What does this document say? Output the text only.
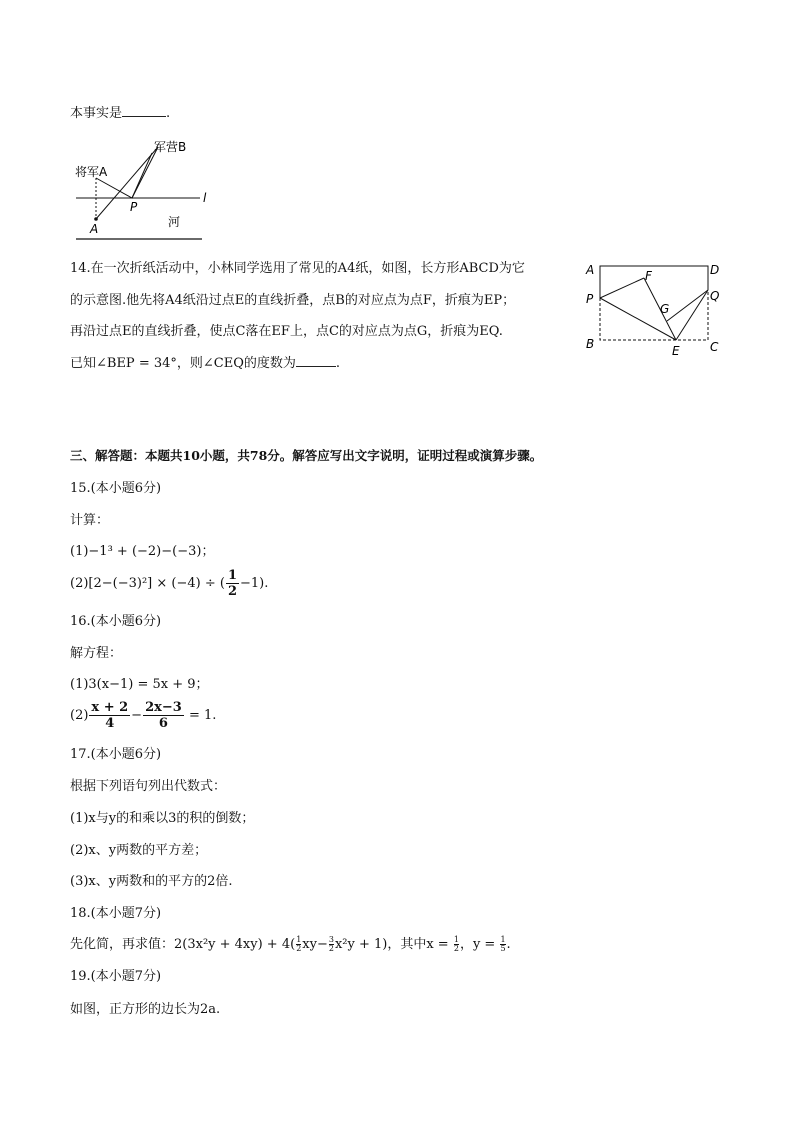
本事实是	.
军营B
将军A
l
P
A	河
14.在一次折纸活动中，小林同学选用了常见的A4纸，如图，长方形ABCD为它
的示意图.他先将A4纸沿过点E的直线折叠，点B的对应点为点F，折痕为EP；
再沿过点E的直线折叠，使点C落在EF上，点C的对应点为点G，折痕为EQ.
已知∠BEP = 34°，则∠CEQ的度数为	.
A	D
F
P	Q
G
B	E	C
三、解答题：本题共10小题，共78分。解答应写出文字说明，证明过程或演算步骤。
15.(本小题6分)
计算：
(1)−1³ + (−2)−(−3)；
(2)[2−(−3)²] × (−4) ÷ ( $\frac{1}{2} -1$).
16.(本小题6分)
解方程：
(1)3(x−1) = 5x + 9；
$(2) \frac{x + 2}{4} - \frac{2x-3}{6} = 1$.
17.(本小题6分)
根据下列语句列出代数式：
(1)x与y的和乘以3的积的倒数；
(2)x、y两数的平方差；
(3)x、y两数和的平方的2倍.
18.(本小题7分)
先化简，再求值：$2(3x^2y + 4xy) + 4( \frac{1}{2} xy- \frac{3}{2} x^2y + 1)$，其中$x = \frac{1}{2}$ ，$y = \frac{1}{5}$ .
19.(本小题7分)
如图，正方形的边长为2a.
